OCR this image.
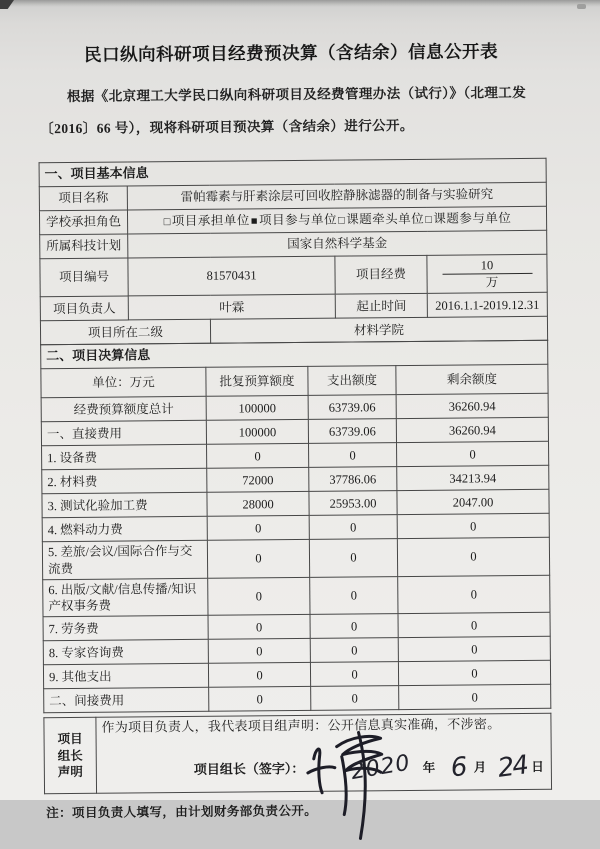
民口纵向科研项目经费预决算（含结余）信息公开表

根据《北京理工大学民口纵向科研项目及经费管理办法（试行）》（北理工发〔2016〕66 号），现将科研项目预决算（含结余）进行公开。

一、项目基本信息				
项目名称	雷帕霉素与肝素涂层可回收腔静脉滤器的制备与实验研究			
学校承担角色	□项目承担单位■项目参与单位□课题牵头单位□课题参与单位			
所属科技计划	国家自然科学基金			
项目编号	81570431		项目经费	10万
项目负责人	叶霖		起止时间	2016.1.1-2019.12.31
项目所在二级		材料学院		
二、项目决算信息			
单位：万元	批复预算额度	支出额度	剩余额度
经费预算额度总计	100000	63739.06	36260.94
一、直接费用	100000	63739.06	36260.94
1. 设备费	0	0	0
2. 材料费	72000	37786.06	34213.94
3. 测试化验加工费	28000	25953.00	2047.00
4. 燃料动力费	0	0	0
5. 差旅/会议/国际合作与交流费	0	0	0
6. 出版/文献/信息传播/知识产权事务费	0	0	0
7. 劳务费	0	0	0
8. 专家咨询费	0	0	0
9. 其他支出	0	0	0
二、间接费用	0	0	0
项目
组长
声明

作为项目负责人，我代表项目组声明：公开信息真实准确，不涉密。
项目组长（签字）： 2020 年 6 月 24 日

注：项目负责人填写，由计划财务部负责公开。
